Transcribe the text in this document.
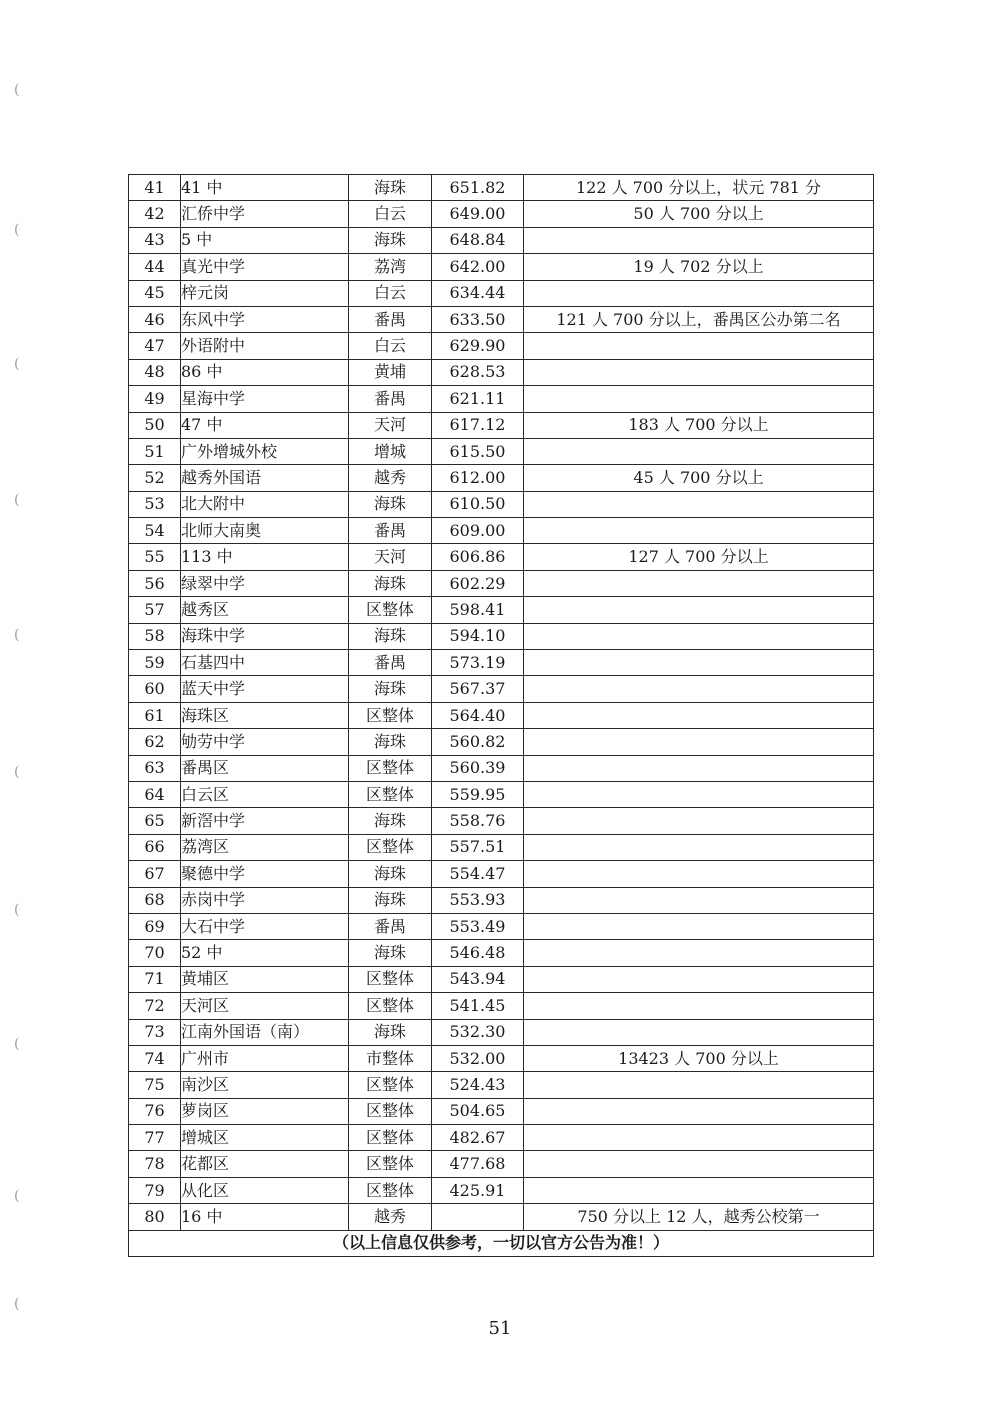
(
(
(
(
(
(
(
(
(
(
41	41 中	海珠	651.82	122 人 700 分以上，状元 781 分
42	汇侨中学	白云	649.00	50 人 700 分以上
43	5 中	海珠	648.84	
44	真光中学	荔湾	642.00	19 人 702 分以上
45	梓元岗	白云	634.44	
46	东风中学	番禺	633.50	121 人 700 分以上，番禺区公办第二名
47	外语附中	白云	629.90	
48	86 中	黄埔	628.53	
49	星海中学	番禺	621.11	
50	47 中	天河	617.12	183 人 700 分以上
51	广外增城外校	增城	615.50	
52	越秀外国语	越秀	612.00	45 人 700 分以上
53	北大附中	海珠	610.50	
54	北师大南奥	番禺	609.00	
55	113 中	天河	606.86	127 人 700 分以上
56	绿翠中学	海珠	602.29	
57	越秀区	区整体	598.41	
58	海珠中学	海珠	594.10	
59	石基四中	番禺	573.19	
60	蓝天中学	海珠	567.37	
61	海珠区	区整体	564.40	
62	劬劳中学	海珠	560.82	
63	番禺区	区整体	560.39	
64	白云区	区整体	559.95	
65	新滘中学	海珠	558.76	
66	荔湾区	区整体	557.51	
67	聚德中学	海珠	554.47	
68	赤岗中学	海珠	553.93	
69	大石中学	番禺	553.49	
70	52 中	海珠	546.48	
71	黄埔区	区整体	543.94	
72	天河区	区整体	541.45	
73	江南外国语（南）	海珠	532.30	
74	广州市	市整体	532.00	13423 人 700 分以上
75	南沙区	区整体	524.43	
76	萝岗区	区整体	504.65	
77	增城区	区整体	482.67	
78	花都区	区整体	477.68	
79	从化区	区整体	425.91	
80	16 中	越秀		750 分以上 12 人，越秀公校第一
（以上信息仅供参考，一切以官方公告为准！）				
51
